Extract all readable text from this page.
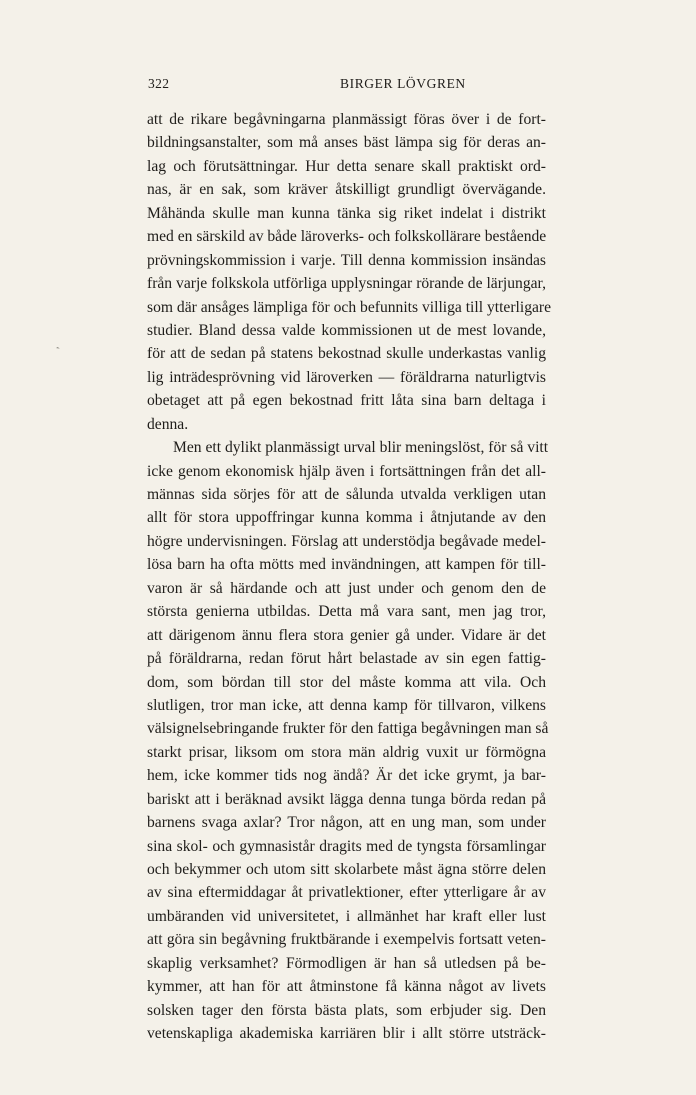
322	BIRGER LÖVGREN
ˏ
att de rikare begåvningarna planmässigt föras över i de fort-
bildningsanstalter, som må anses bäst lämpa sig för deras an-
lag och förutsättningar. Hur detta senare skall praktiskt ord-
nas, är en sak, som kräver åtskilligt grundligt övervägande.
Måhända skulle man kunna tänka sig riket indelat i distrikt
med en särskild av både läroverks- och folkskollärare bestående
prövningskommission i varje. Till denna kommission insändas
från varje folkskola utförliga upplysningar rörande de lärjungar,
som där ansåges lämpliga för och befunnits villiga till ytterligare
studier. Bland dessa valde kommissionen ut de mest lovande,
för att de sedan på statens bekostnad skulle underkastas vanlig
lig inträdesprövning vid läroverken — föräldrarna naturligtvis
obetaget att på egen bekostnad fritt låta sina barn deltaga i
denna.
Men ett dylikt planmässigt urval blir meningslöst, för så vitt
icke genom ekonomisk hjälp även i fortsättningen från det all-
männas sida sörjes för att de sålunda utvalda verkligen utan
allt för stora uppoffringar kunna komma i åtnjutande av den
högre undervisningen. Förslag att understödja begåvade medel-
lösa barn ha ofta mötts med invändningen, att kampen för till-
varon är så härdande och att just under och genom den de
största genierna utbildas. Detta må vara sant, men jag tror,
att därigenom ännu flera stora genier gå under. Vidare är det
på föräldrarna, redan förut hårt belastade av sin egen fattig-
dom, som bördan till stor del måste komma att vila. Och
slutligen, tror man icke, att denna kamp för tillvaron, vilkens
välsignelsebringande frukter för den fattiga begåvningen man så
starkt prisar, liksom om stora män aldrig vuxit ur förmögna
hem, icke kommer tids nog ändå? Är det icke grymt, ja bar-
bariskt att i beräknad avsikt lägga denna tunga börda redan på
barnens svaga axlar? Tror någon, att en ung man, som under
sina skol- och gymnasistår dragits med de tyngsta församlingar
och bekymmer och utom sitt skolarbete måst ägna större delen
av sina eftermiddagar åt privatlektioner, efter ytterligare år av
umbäranden vid universitetet, i allmänhet har kraft eller lust
att göra sin begåvning fruktbärande i exempelvis fortsatt veten-
skaplig verksamhet? Förmodligen är han så utledsen på be-
kymmer, att han för att åtminstone få känna något av livets
solsken tager den första bästa plats, som erbjuder sig. Den
vetenskapliga akademiska karriären blir i allt större utsträck-
